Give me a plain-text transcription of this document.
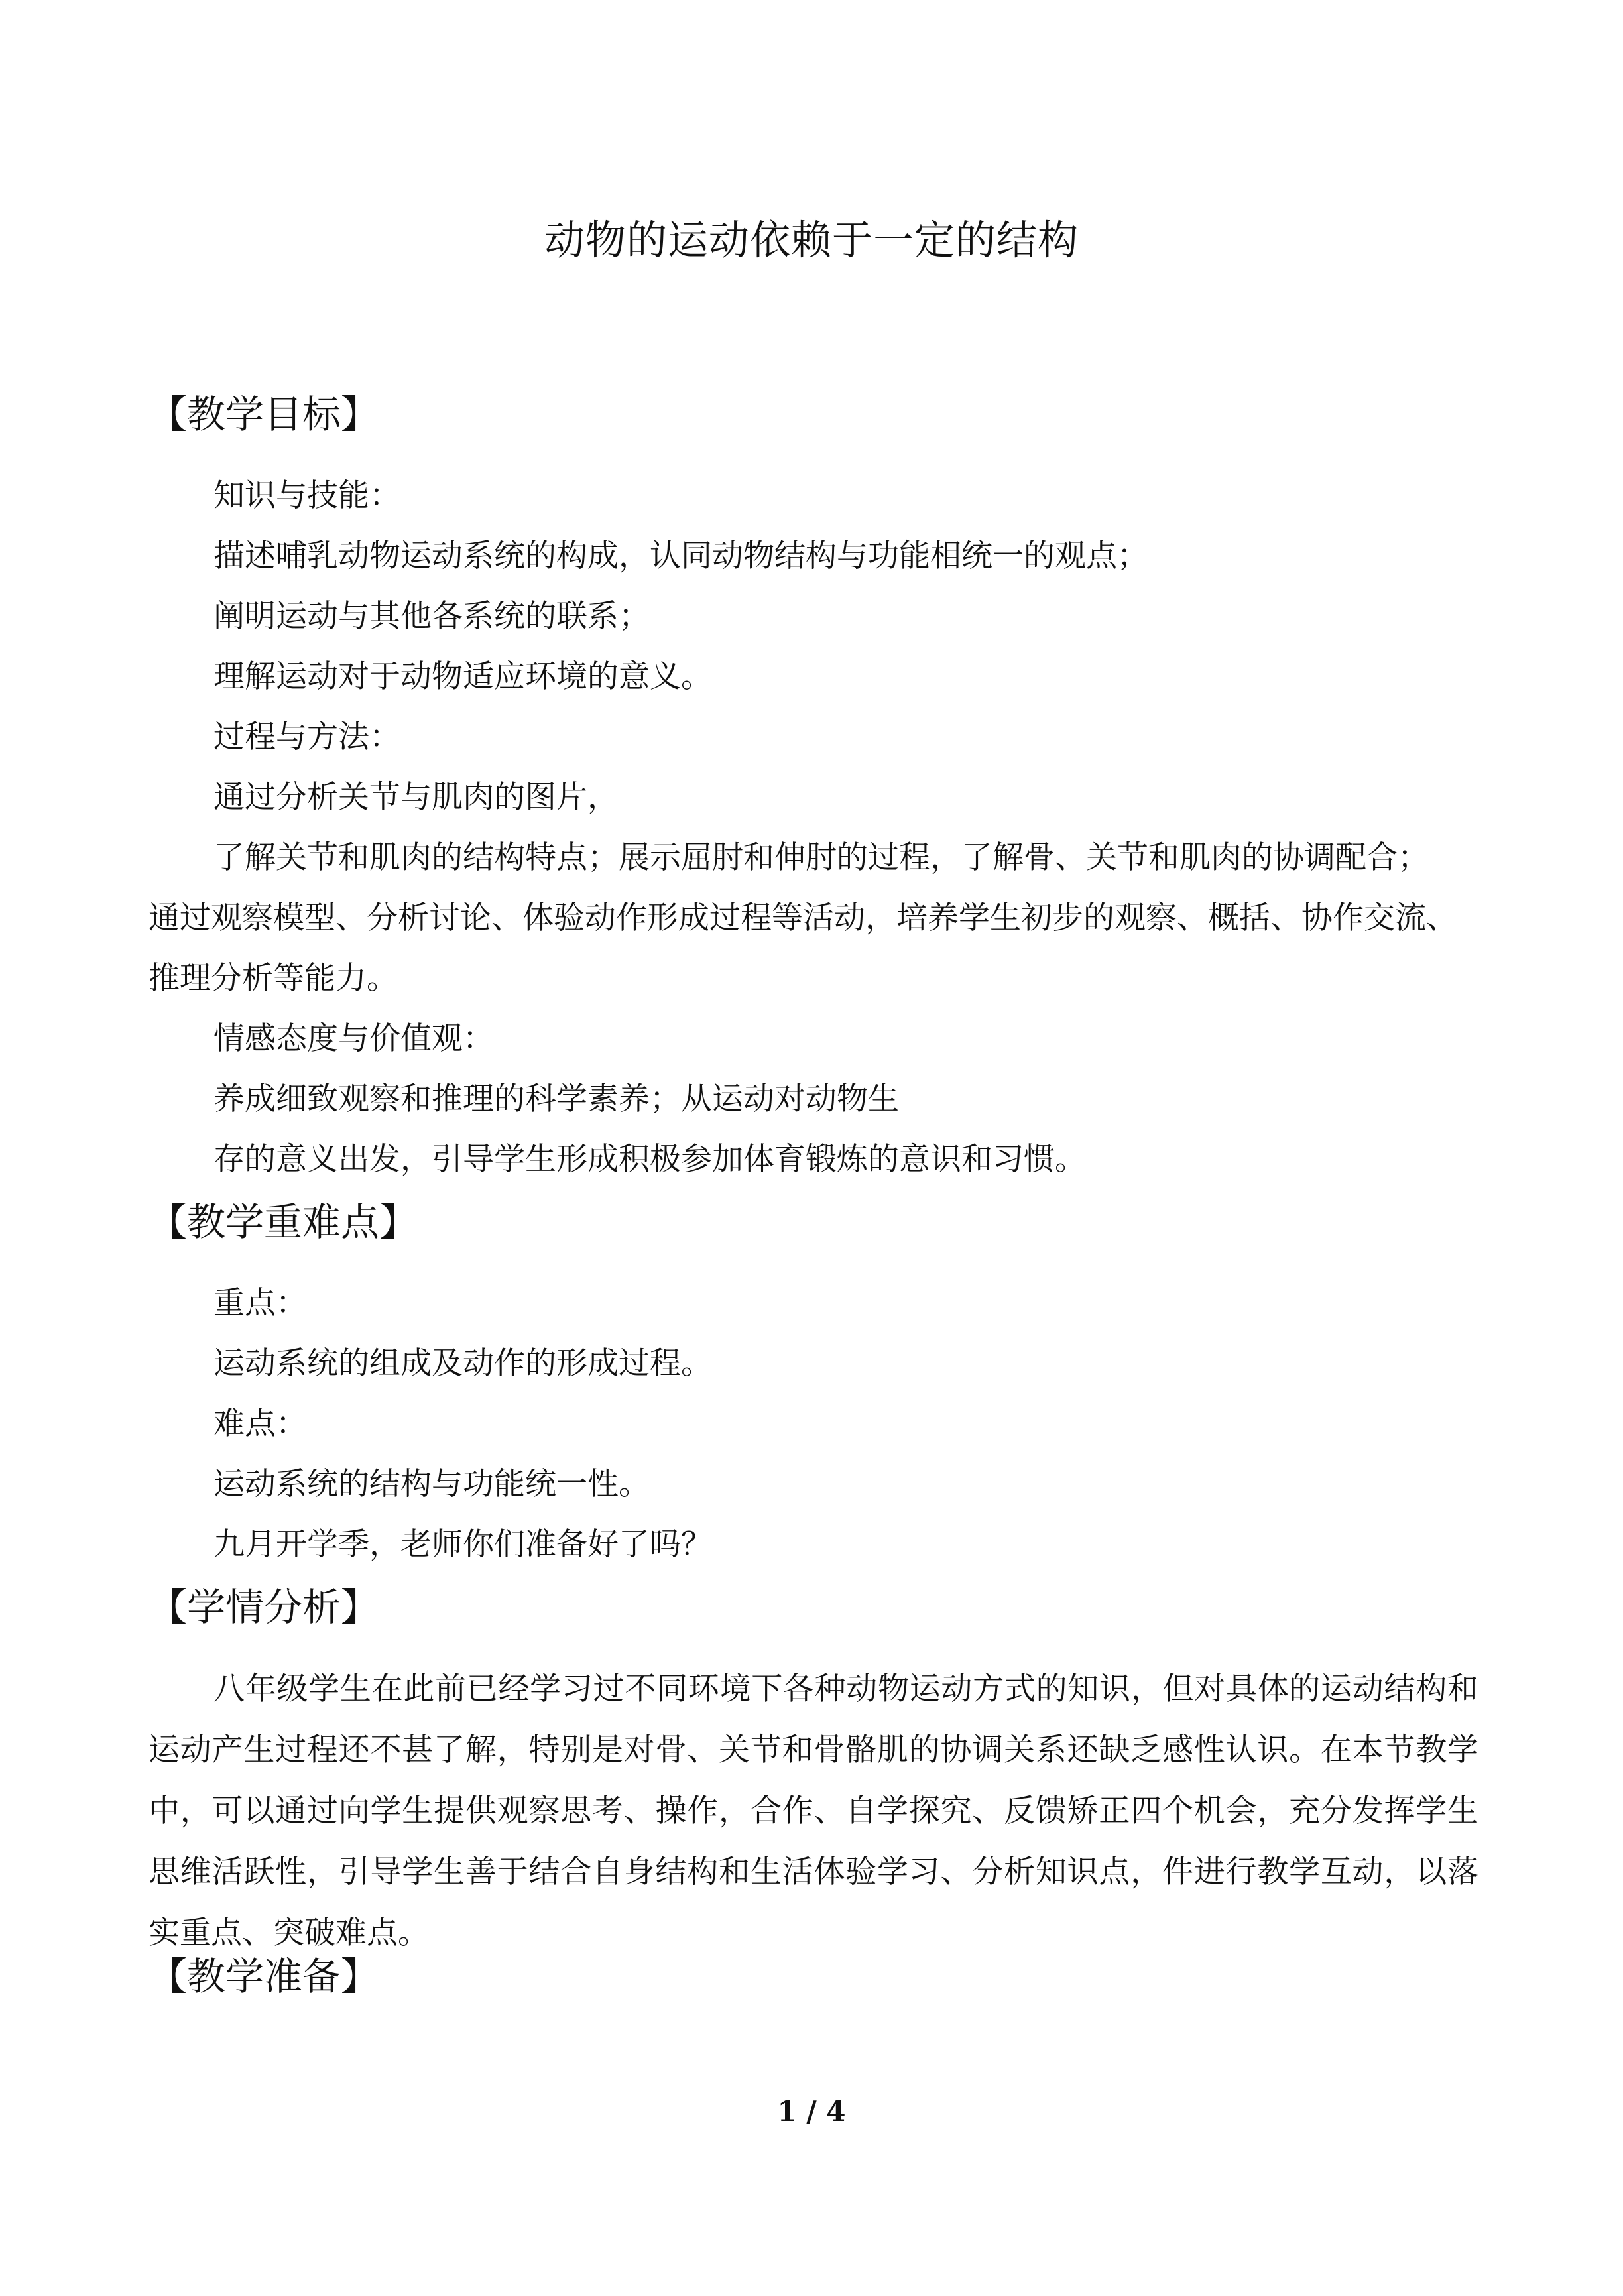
动物的运动依赖于一定的结构
【教学目标】
知识与技能：
描述哺乳动物运动系统的构成，认同动物结构与功能相统一的观点；
阐明运动与其他各系统的联系；
理解运动对于动物适应环境的意义。
过程与方法：
通过分析关节与肌肉的图片，
了解关节和肌肉的结构特点；展示屈肘和伸肘的过程，了解骨、关节和肌肉的协调配合；
通过观察模型、分析讨论、体验动作形成过程等活动，培养学生初步的观察、概括、协作交流、
推理分析等能力。
情感态度与价值观：
养成细致观察和推理的科学素养；从运动对动物生
存的意义出发，引导学生形成积极参加体育锻炼的意识和习惯。
【教学重难点】
重点：
运动系统的组成及动作的形成过程。
难点：
运动系统的结构与功能统一性。
九月开学季，老师你们准备好了吗？
【学情分析】
八年级学生在此前已经学习过不同环境下各种动物运动方式的知识，但对具体的运动结构和运动产生过程还不甚了解，特别是对骨、关节和骨骼肌的协调关系还缺乏感性认识。在本节教学中，可以通过向学生提供观察思考、操作，合作、自学探究、反馈矫正四个机会，充分发挥学生思维活跃性，引导学生善于结合自身结构和生活体验学习、分析知识点，件进行教学互动，以落实重点、突破难点。
【教学准备】
1 / 4
